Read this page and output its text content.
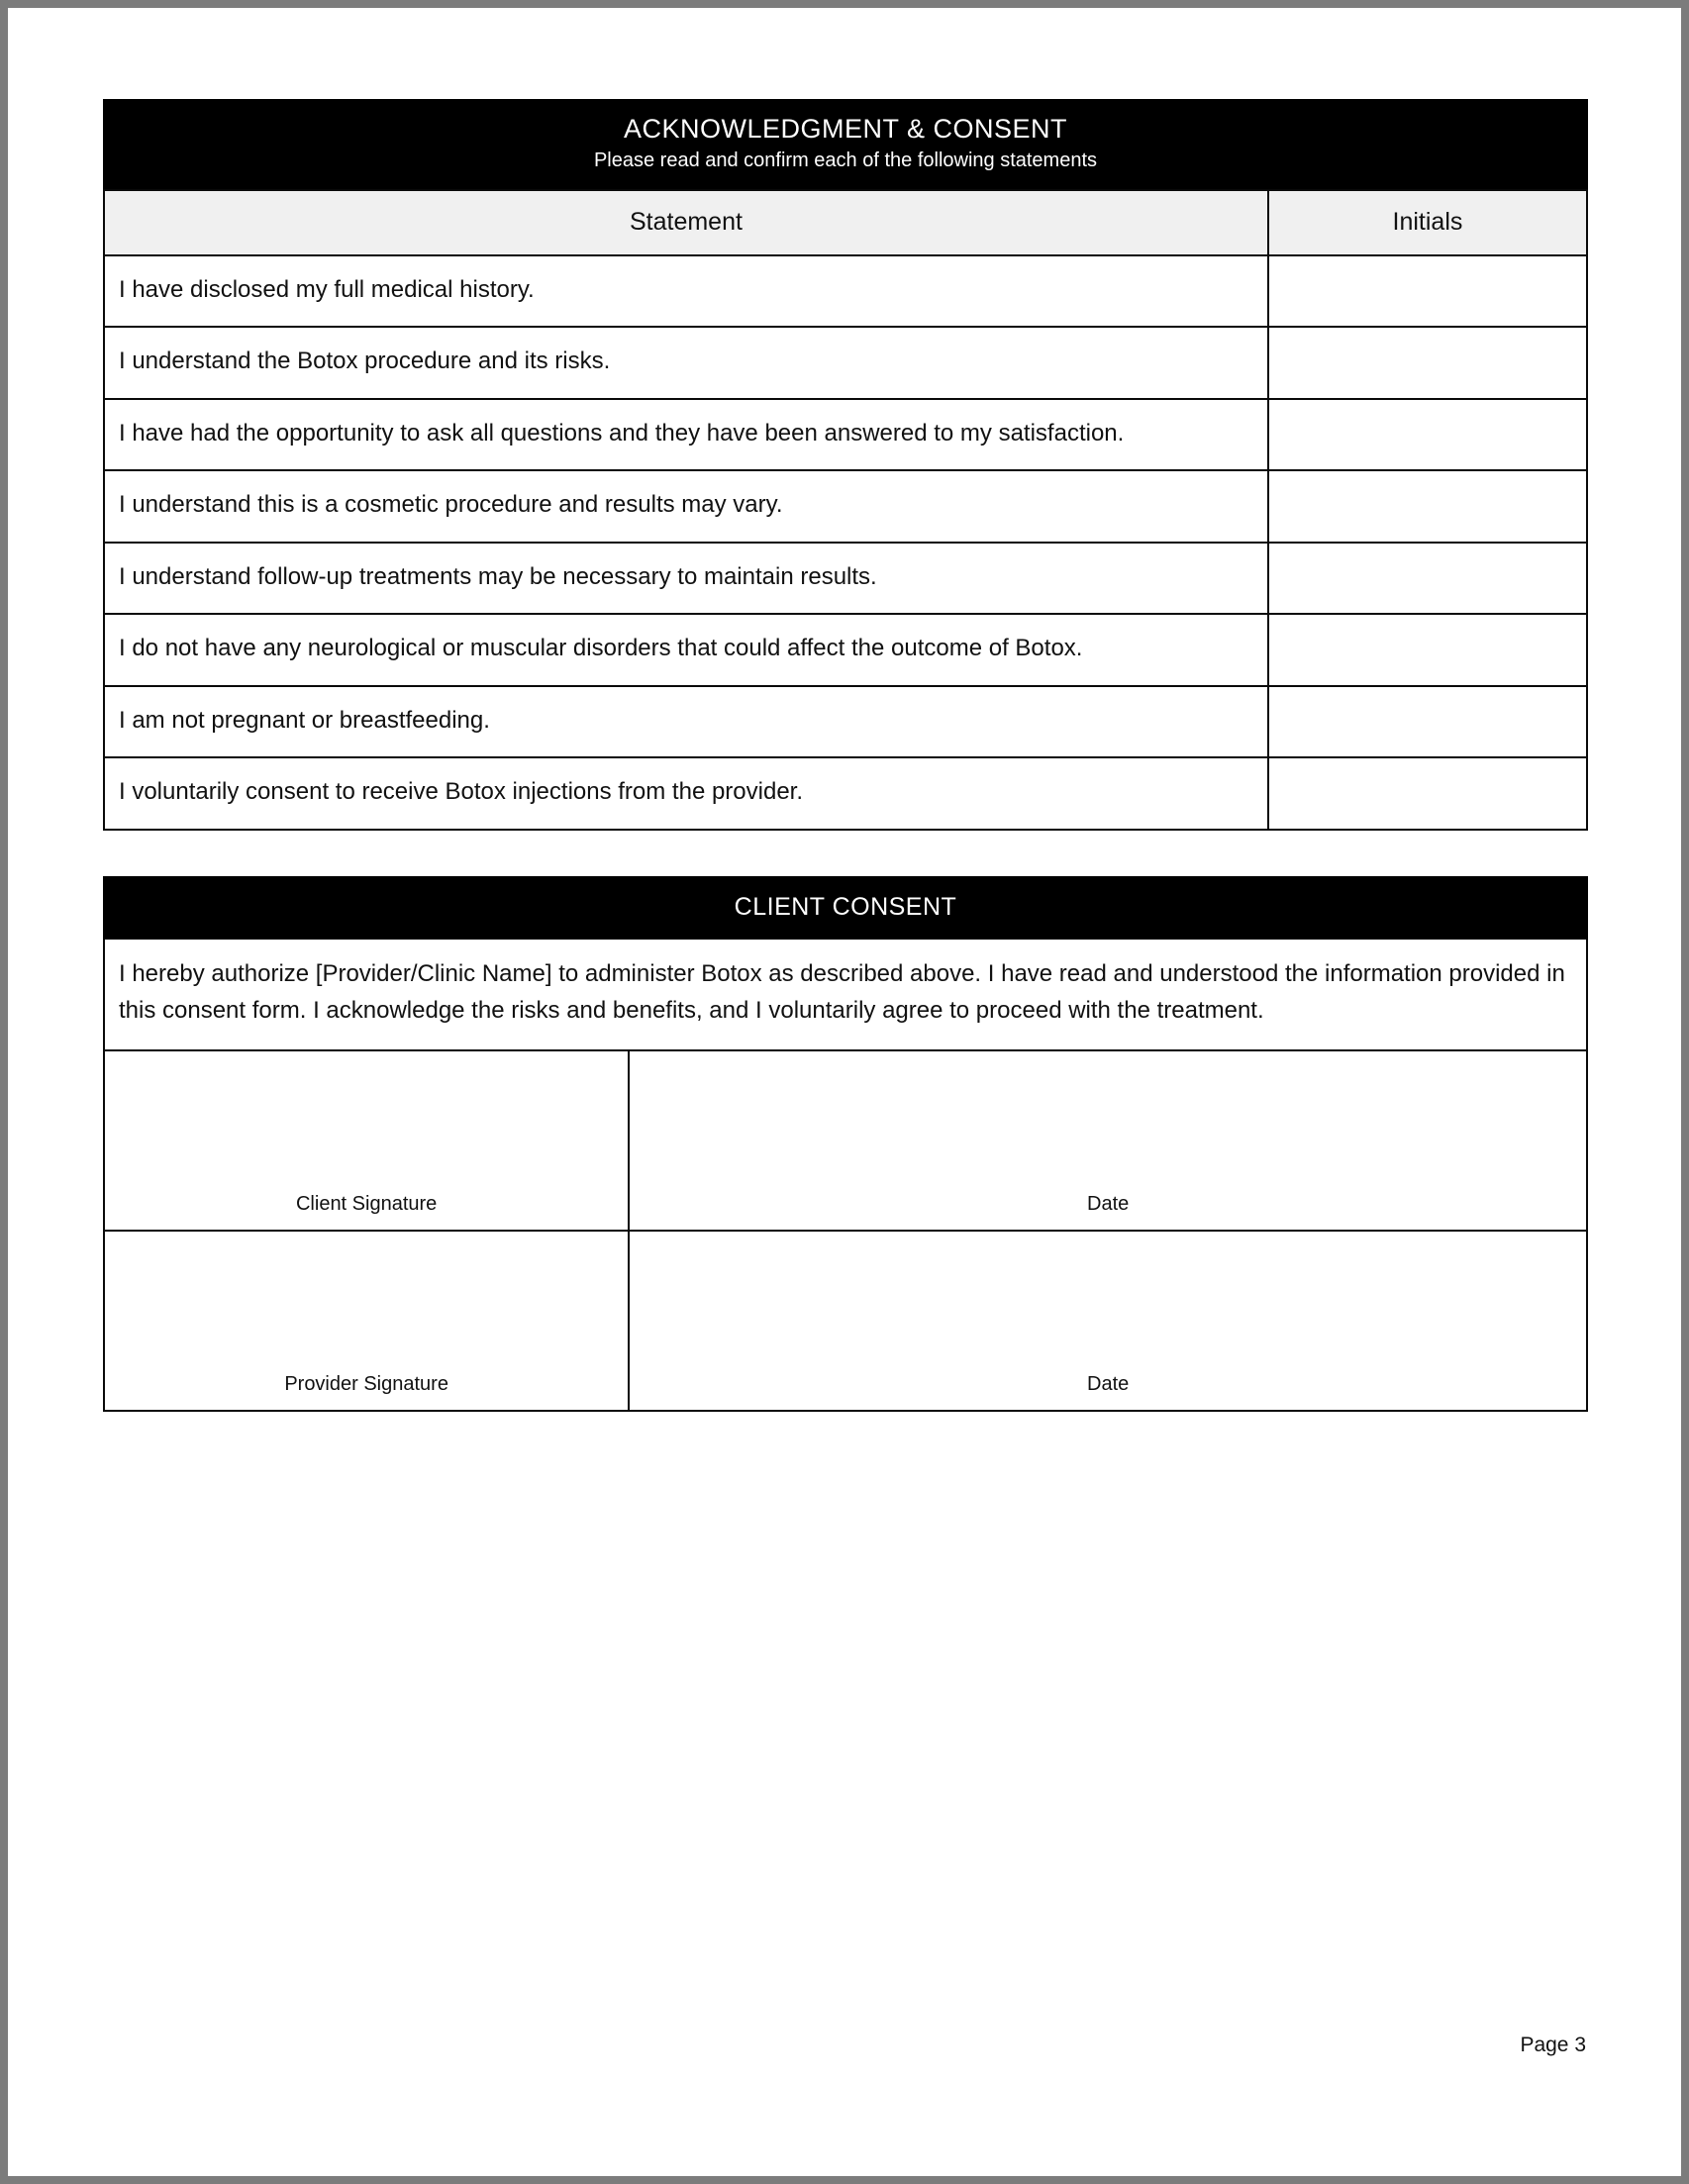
ACKNOWLEDGMENT & CONSENT
Please read and confirm each of the following statements
Statement	Initials
I have disclosed my full medical history.	
I understand the Botox procedure and its risks.	
I have had the opportunity to ask all questions and they have been answered to my satisfaction.	
I understand this is a cosmetic procedure and results may vary.	
I understand follow-up treatments may be necessary to maintain results.	
I do not have any neurological or muscular disorders that could affect the outcome of Botox.	
I am not pregnant or breastfeeding.	
I voluntarily consent to receive Botox injections from the provider.	
CLIENT CONSENT
I hereby authorize [Provider/Clinic Name] to administer Botox as described above. I have read and understood the information provided in this consent form. I acknowledge the risks and benefits, and I voluntarily agree to proceed with the treatment.
Client Signature	Date
Provider Signature	Date
Page 3
